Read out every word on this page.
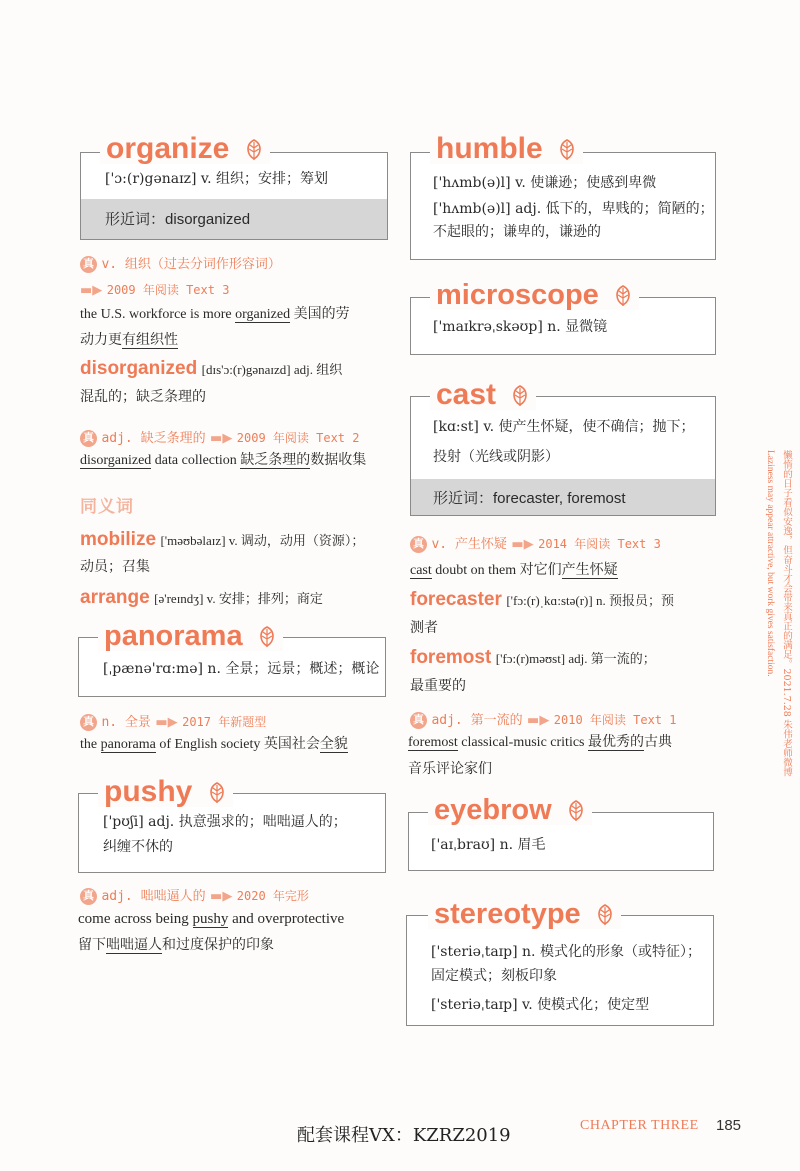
['ɔ:(r)gənaɪz] v. 组织；安排；筹划
形近词：disorganized
organize
真 v. 组织（过去分词作形容词）
▬▶ 2009 年阅读 Text 3
the U.S. workforce is more organized 美国的劳
动力更有组织性
disorganized [dɪs'ɔ:(r)gənaɪzd] adj. 组织
混乱的；缺乏条理的
真 adj. 缺乏条理的 ▬▶ 2009 年阅读 Text 2
disorganized data collection 缺乏条理的数据收集
同义词
mobilize ['məʊbəlaɪz] v. 调动，动用（资源）；
动员；召集
arrange [ə'reɪndʒ] v. 安排；排列；商定
[ˌpænə'rɑ:mə] n. 全景；远景；概述；概论
panorama
真 n. 全景 ▬▶ 2017 年新题型
the panorama of English society 英国社会全貌
['pʊʃi] adj. 执意强求的；咄咄逼人的；
纠缠不休的
pushy
真 adj. 咄咄逼人的 ▬▶ 2020 年完形
come across being pushy and overprotective
留下咄咄逼人和过度保护的印象
['hʌmb(ə)l] v. 使谦逊；使感到卑微
['hʌmb(ə)l] adj. 低下的，卑贱的；简陋的；
不起眼的；谦卑的，谦逊的
humble
['maɪkrəˌskəʊp] n. 显微镜
microscope
[kɑ:st] v. 使产生怀疑，使不确信；抛下；
投射（光线或阴影）
形近词：forecaster, foremost
cast
真 v. 产生怀疑 ▬▶ 2014 年阅读 Text 3
cast doubt on them 对它们产生怀疑
forecaster ['fɔ:(r)ˌkɑ:stə(r)] n. 预报员；预
测者
foremost ['fɔ:(r)məʊst] adj. 第一流的；
最重要的
真 adj. 第一流的 ▬▶ 2010 年阅读 Text 1
foremost classical-music critics 最优秀的古典
音乐评论家们
['aɪˌbraʊ] n. 眉毛
eyebrow
['steriəˌtaɪp] n. 模式化的形象（或特征）；
固定模式；刻板印象
['steriəˌtaɪp] v. 使模式化；使定型
stereotype
懒惰的日子看似安逸，但奋斗才会带来真正的满足。2021.7.28 朱伟老师微博
Laziness may appear attractive, but work gives satisfaction.
配套课程VX：KZRZ2019	CHAPTER THREE 185
